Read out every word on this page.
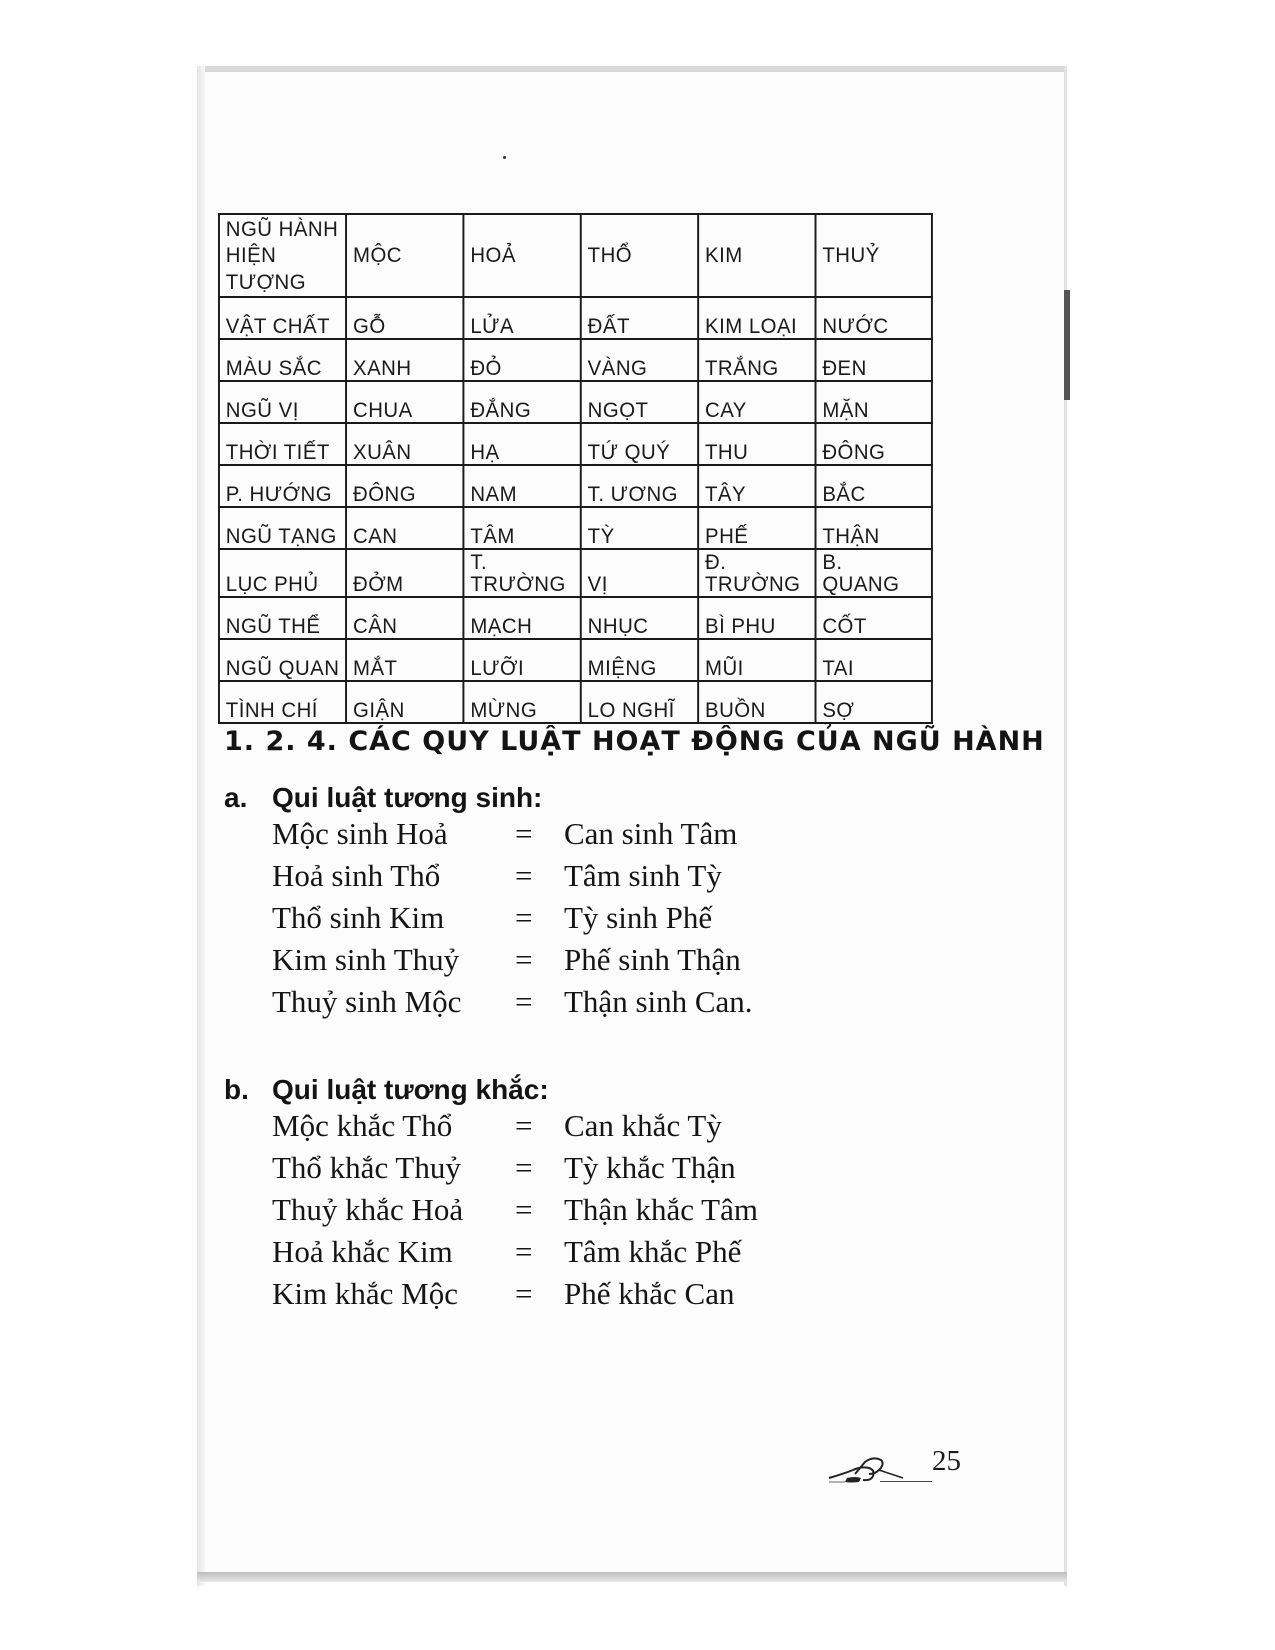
NGŨ HÀNH
HIỆN TƯỢNG	MỘC	HOẢ	THỔ	KIM	THUỶ
VẬT CHẤT	GỖ	LỬA	ĐẤT	KIM LOẠI	NƯỚC
MÀU SẮC	XANH	ĐỎ	VÀNG	TRẮNG	ĐEN
NGŨ VỊ	CHUA	ĐẮNG	NGỌT	CAY	MẶN
THỜI TIẾT	XUÂN	HẠ	TỨ QUÝ	THU	ĐÔNG
P. HƯỚNG	ĐÔNG	NAM	T. ƯƠNG	TÂY	BẮC
NGŨ TẠNG	CAN	TÂM	TỲ	PHẾ	THẬN
LỤC PHỦ	ĐỞM	T. TRƯỜNG	VỊ	Đ. TRƯỜNG	B. QUANG
NGŨ THỂ	CÂN	MẠCH	NHỤC	BÌ PHU	CỐT
NGŨ QUAN	MẮT	LƯỠI	MIỆNG	MŨI	TAI
TÌNH CHÍ	GIẬN	MỪNG	LO NGHĨ	BUỒN	SỢ
1. 2. 4. CÁC QUY LUẬT HOẠT ĐỘNG CỦA NGŨ HÀNH
a. Qui luật tương sinh:
Mộc sinh Hoả = Can sinh Tâm
Hoả sinh Thổ = Tâm sinh Tỳ
Thổ sinh Kim = Tỳ sinh Phế
Kim sinh Thuỷ = Phế sinh Thận
Thuỷ sinh Mộc = Thận sinh Can.
b. Qui luật tương khắc:
Mộc khắc Thổ = Can khắc Tỳ
Thổ khắc Thuỷ = Tỳ khắc Thận
Thuỷ khắc Hoả = Thận khắc Tâm
Hoả khắc Kim = Tâm khắc Phế
Kim khắc Mộc = Phế khắc Can
25
